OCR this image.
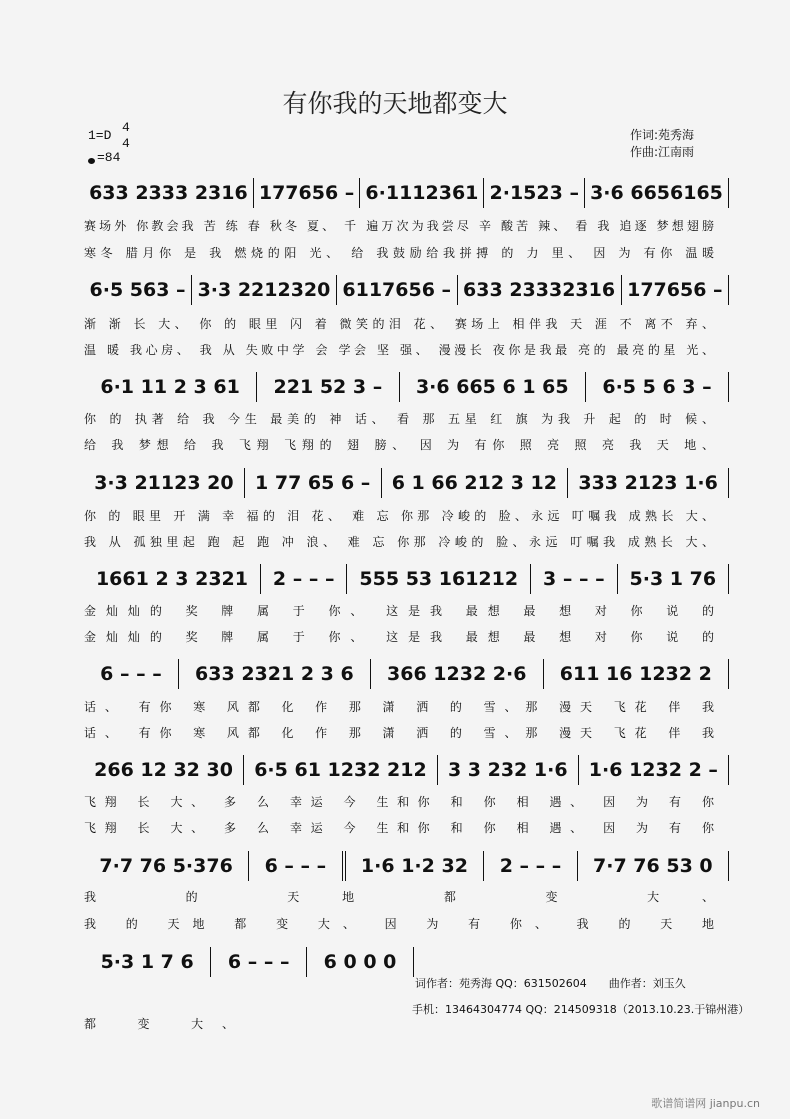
有你我的天地都变大
1=D
4
4
=84
作词:苑秀海
作曲:江南雨
633 2333 2316 177656 – 6·1112361 2·1523 – 3·6 6656165
赛场外 你教会我 苦 练 春 秋冬 夏、 千 遍万次为我尝尽 辛 酸苦 辣、 看 我 追逐 梦想翅膀
寒冬 腊月你 是 我 燃烧的阳 光、 给 我鼓励给我拼搏 的 力 里、 因 为 有你 温暖
6·5 563 – 3·3 2212320 6117656 – 633 23332316 177656 –
渐 渐 长 大、 你 的 眼里 闪 着 微笑的泪 花、 赛场上 相伴我 天 涯 不 离不 弃、
温 暖 我心房、 我 从 失败中学 会 学会 坚 强、 漫漫长 夜你是我最 亮的 最亮的星 光、
6·1 11 2 3 61	221 52 3 –	3·6 665 6 1 65	6·5 5 6 3 –
你 的 执著 给 我 今生 最美的 神 话、 看 那 五星 红 旗 为我 升 起 的 时 候、
给 我 梦想 给 我 飞翔 飞翔的 翅 膀、 因 为 有你 照 亮 照 亮 我 天 地、
3·3 21123 20	1 77 65 6 –	6 1 66 212 3 12	333 2123 1·6
你 的 眼里 开 满 幸 福的 泪 花、 难 忘 你那 冷峻的 脸、永远 叮嘱我 成熟长 大、
我 从 孤独里起 跑 起 跑 冲 浪、 难 忘 你那 冷峻的 脸、永远 叮嘱我 成熟长 大、
1661 2 3 2321	2 – – –	555 53 161212	3 – – –	5·3 1 76
金灿灿的 奖 牌 属 于 你、 这是我 最想 最 想 对 你 说 的
金灿灿的 奖 牌 属 于 你、 这是我 最想 最 想 对 你 说 的
6 – – –	633 2321 2 3 6	366 1232 2·6	611 16 1232 2
话、 有你 寒 风都 化 作 那 潇 洒 的 雪、那 漫天 飞花 伴 我
话、 有你 寒 风都 化 作 那 潇 洒 的 雪、那 漫天 飞花 伴 我
266 12 32 30	6·5 61 1232 212	3 3 232 1·6	1·6 1232 2 –
飞翔 长 大、 多 么 幸运 今 生和你 和 你 相 遇、 因 为 有 你
飞翔 长 大、 多 么 幸运 今 生和你 和 你 相 遇、 因 为 有 你
7·7 76 5·376	6 – – –	1·6 1·2 32	2 – – –	7·7 76 53 0
我 的 天地 都 变 大、
我 的 天地 都 变 大、 因 为 有 你、 我 的 天 地
5·3 1 7 6	6 – – –	6 0 0 0
都 变 大、
词作者：苑秀海 QQ：631502604　　曲作者：刘玉久
手机：13464304774 QQ：214509318（2013.10.23.于锦州港）
歌谱简谱网 jianpu.cn
